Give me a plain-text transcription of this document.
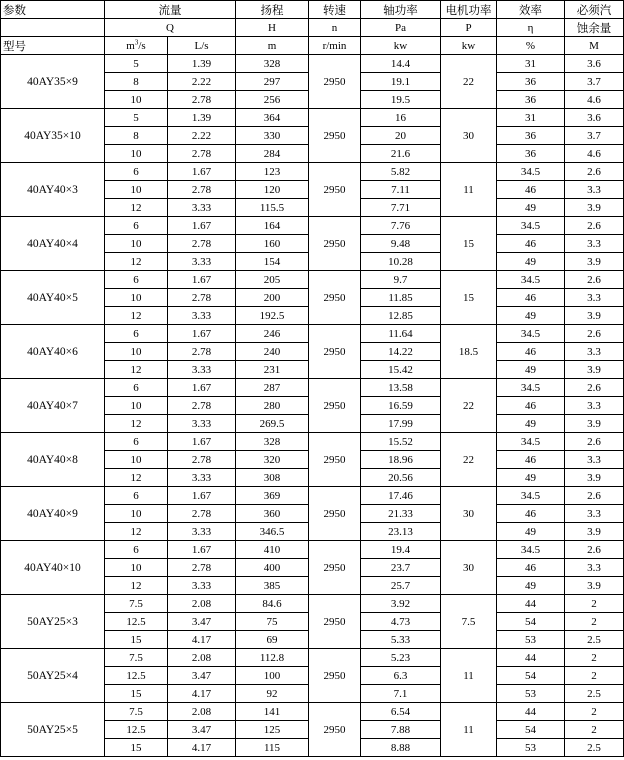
参数	流量		扬程	转速	轴功率	电机功率	效率	必须汽
	Q		H	n	Pa	P	η	蚀余量
型号	$m^3/s$	L/s	m	r/min	kw	kw	%	M
40AY35×9	5	1.39	328	2950	14.4	22	31	3.6
	8	2.22	297		19.1		36	3.7
	10	2.78	256		19.5		36	4.6
40AY35×10	5	1.39	364	2950	16	30	31	3.6
	8	2.22	330		20		36	3.7
	10	2.78	284		21.6		36	4.6
40AY40×3	6	1.67	123	2950	5.82	11	34.5	2.6
	10	2.78	120		7.11		46	3.3
	12	3.33	115.5		7.71		49	3.9
40AY40×4	6	1.67	164	2950	7.76	15	34.5	2.6
	10	2.78	160		9.48		46	3.3
	12	3.33	154		10.28		49	3.9
40AY40×5	6	1.67	205	2950	9.7	15	34.5	2.6
	10	2.78	200		11.85		46	3.3
	12	3.33	192.5		12.85		49	3.9
40AY40×6	6	1.67	246	2950	11.64	18.5	34.5	2.6
	10	2.78	240		14.22		46	3.3
	12	3.33	231		15.42		49	3.9
40AY40×7	6	1.67	287	2950	13.58	22	34.5	2.6
	10	2.78	280		16.59		46	3.3
	12	3.33	269.5		17.99		49	3.9
40AY40×8	6	1.67	328	2950	15.52	22	34.5	2.6
	10	2.78	320		18.96		46	3.3
	12	3.33	308		20.56		49	3.9
40AY40×9	6	1.67	369	2950	17.46	30	34.5	2.6
	10	2.78	360		21.33		46	3.3
	12	3.33	346.5		23.13		49	3.9
40AY40×10	6	1.67	410	2950	19.4	30	34.5	2.6
	10	2.78	400		23.7		46	3.3
	12	3.33	385		25.7		49	3.9
50AY25×3	7.5	2.08	84.6	2950	3.92	7.5	44	2
	12.5	3.47	75		4.73		54	2
	15	4.17	69		5.33		53	2.5
50AY25×4	7.5	2.08	112.8	2950	5.23	11	44	2
	12.5	3.47	100		6.3		54	2
	15	4.17	92		7.1		53	2.5
50AY25×5	7.5	2.08	141	2950	6.54	11	44	2
	12.5	3.47	125		7.88		54	2
	15	4.17	115		8.88		53	2.5
